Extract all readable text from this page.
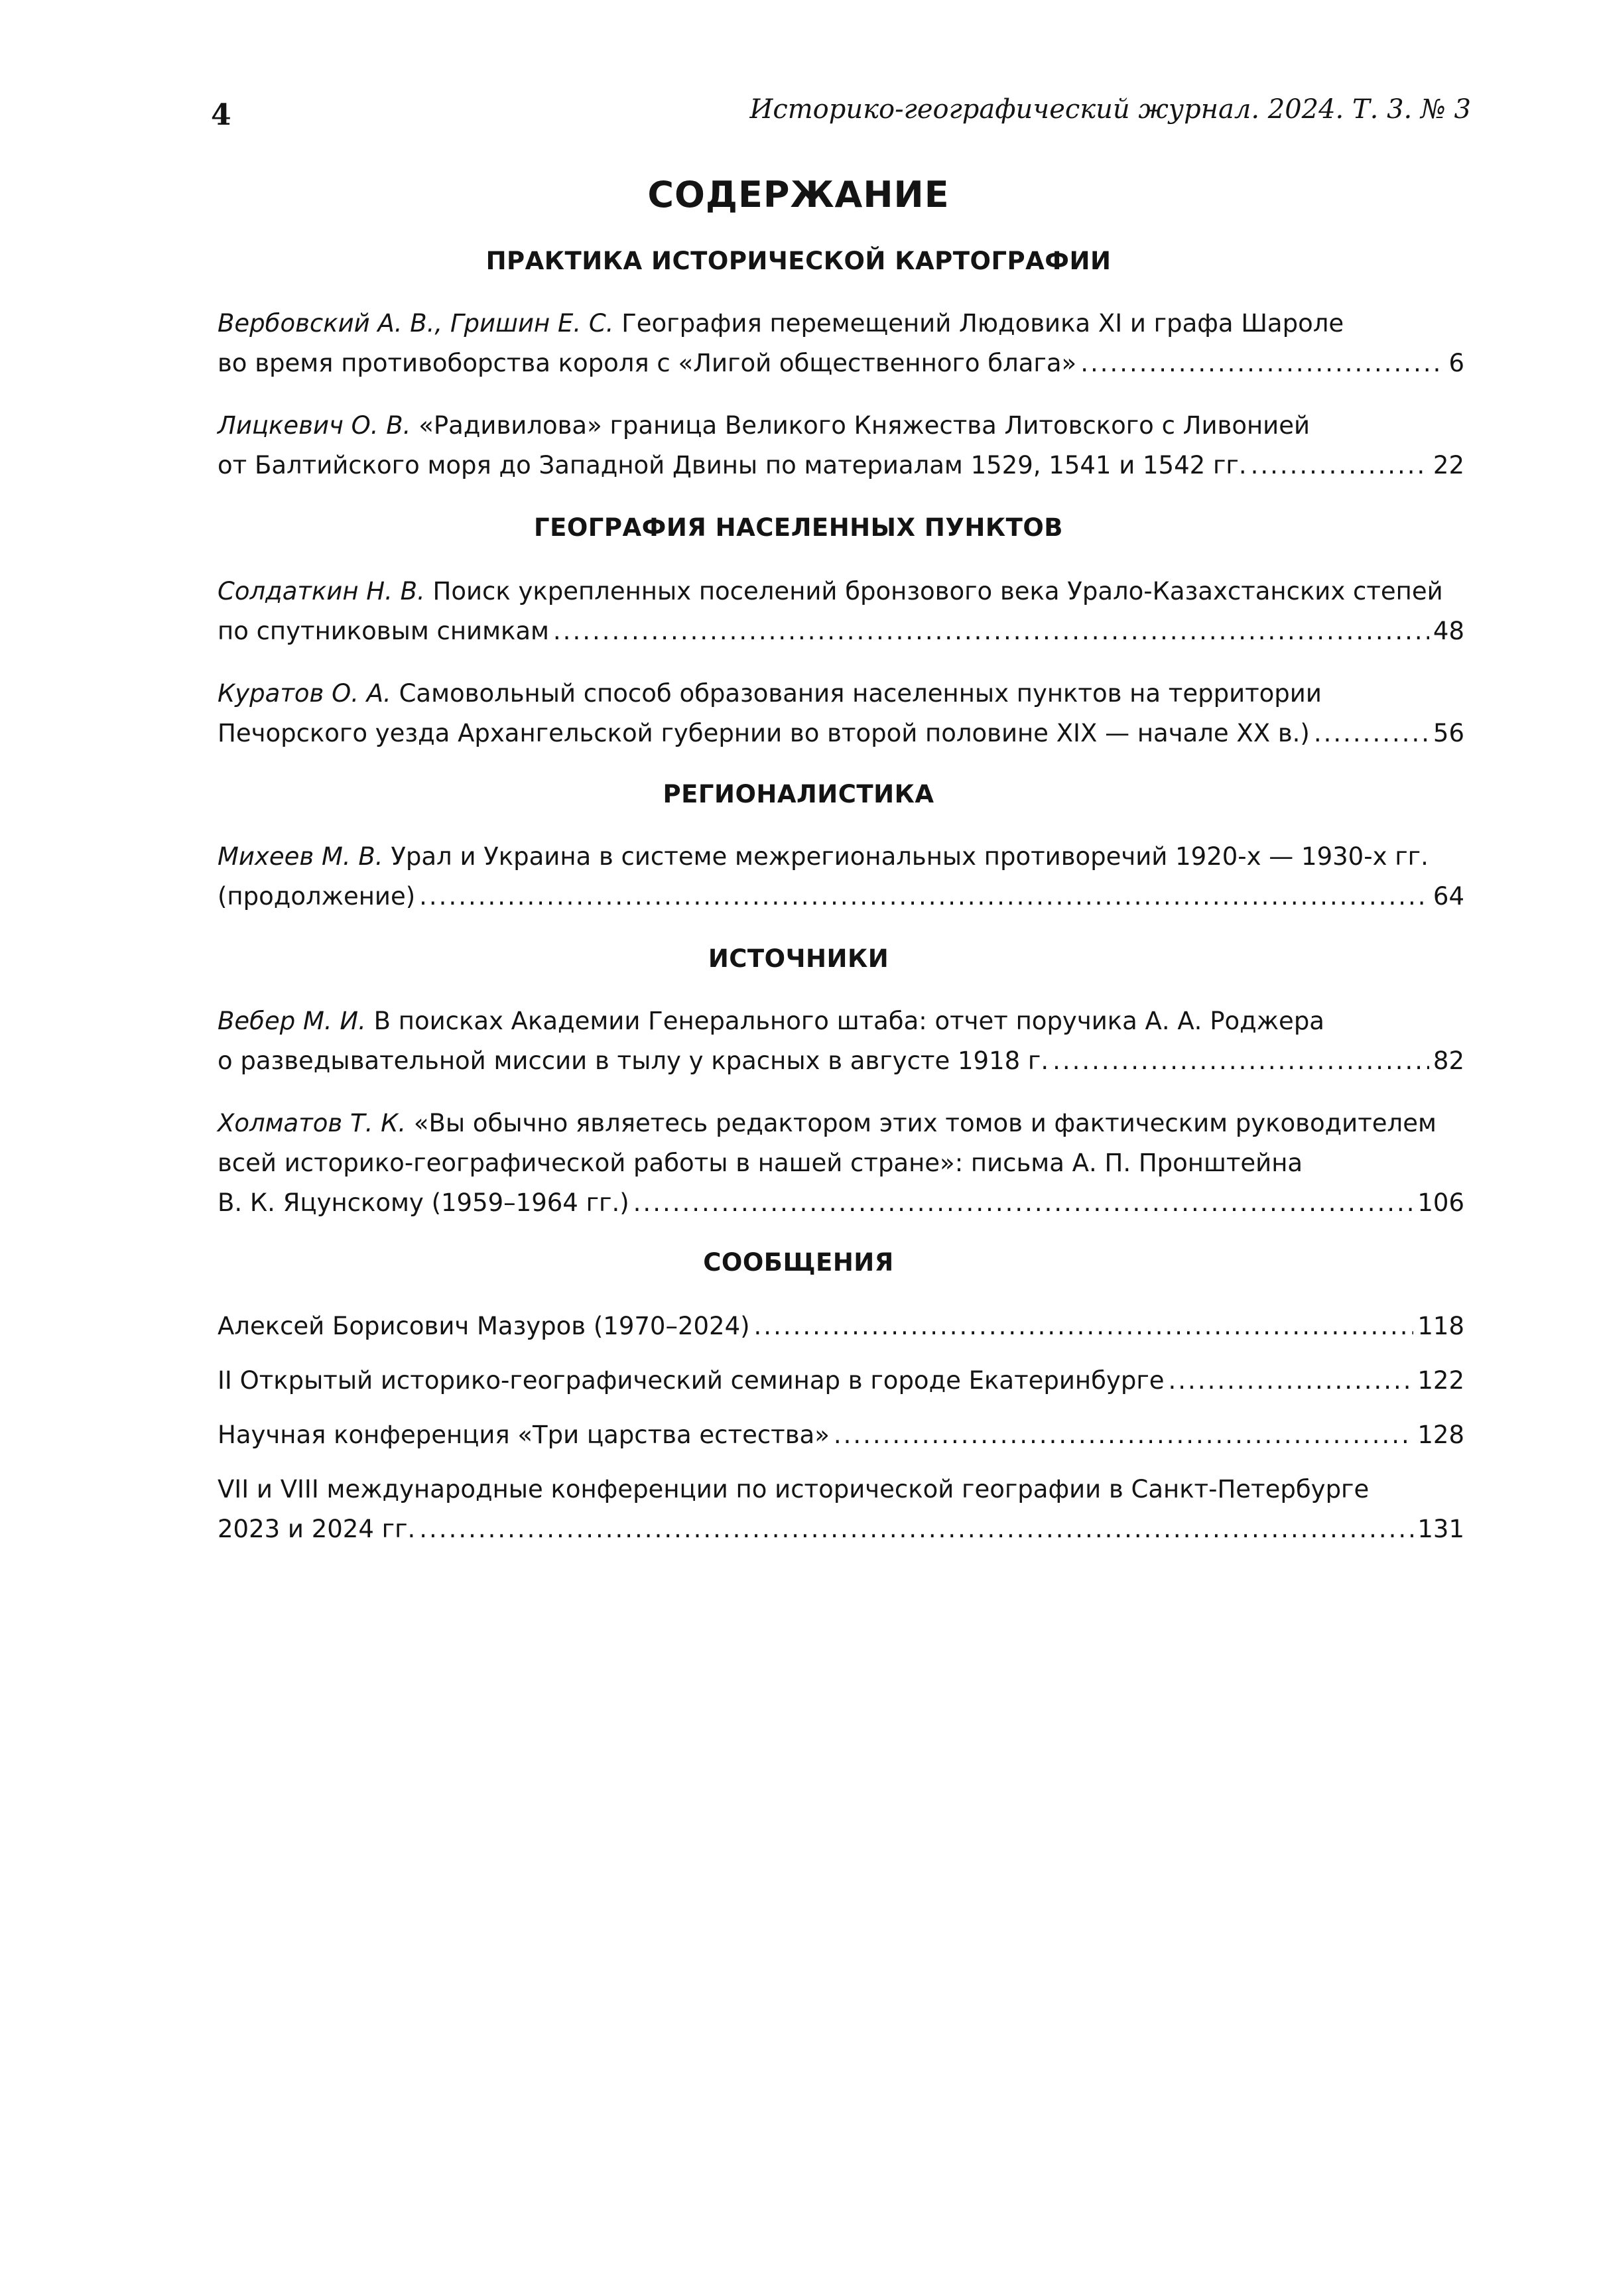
4	Историко-географический журнал. 2024. Т. 3. № 3
СОДЕРЖАНИЕ
ПРАКТИКА ИСТОРИЧЕСКОЙ КАРТОГРАФИИ
Вербовский А. В., Гришин Е. С. География перемещений Людовика XI и графа Шароле
во время противоборства короля с «Лигой общественного блага» .....	6
Лицкевич О. В. «Радивилова» граница Великого Княжества Литовского с Ливонией
от Балтийского моря до Западной Двины по материалам 1529, 1541 и 1542 гг. .....	22
ГЕОГРАФИЯ НАСЕЛЕННЫХ ПУНКТОВ
Солдаткин Н. В. Поиск укрепленных поселений бронзового века Урало-Казахстанских степей
по спутниковым снимкам .....	48
Куратов О. А. Самовольный способ образования населенных пунктов на территории
Печорского уезда Архангельской губернии во второй половине XIX — начале XX в.) .....	56
РЕГИОНАЛИСТИКА
Михеев М. В. Урал и Украина в системе межрегиональных противоречий 1920-х — 1930-х гг.
(продолжение) .....	64
ИСТОЧНИКИ
Вебер М. И. В поисках Академии Генерального штаба: отчет поручика А. А. Роджера
о разведывательной миссии в тылу у красных в августе 1918 г. .....	82
Холматов Т. К. «Вы обычно являетесь редактором этих томов и фактическим руководителем
всей историко-географической работы в нашей стране»: письма А. П. Пронштейна
В. К. Яцунскому (1959–1964 гг.) .....	106
СООБЩЕНИЯ
Алексей Борисович Мазуров (1970–2024) .....	118
II Открытый историко-географический семинар в городе Екатеринбурге .....	122
Научная конференция «Три царства естества» .....	128
VII и VIII международные конференции по исторической географии в Санкт-Петербурге
2023 и 2024 гг. .....	131
